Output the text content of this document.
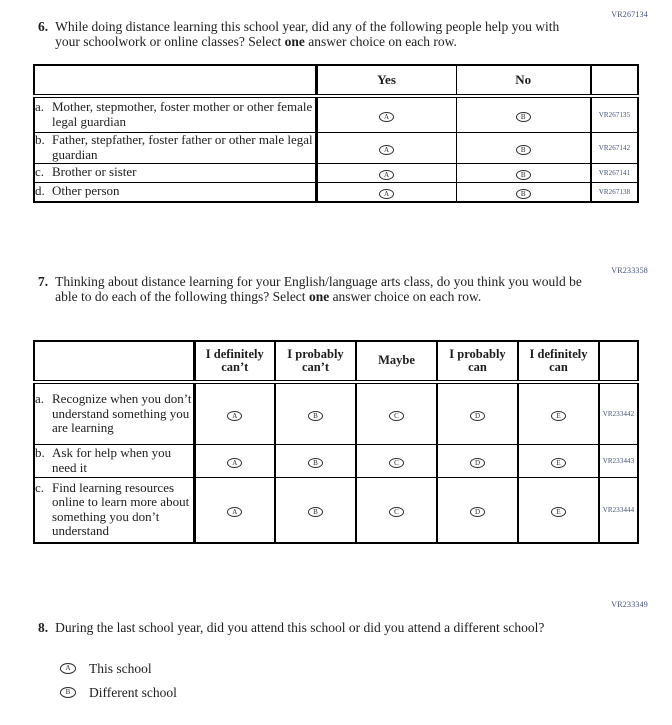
VR267134
VR233358
VR233349
6. While doing distance learning this school year, did any of the following people help you with your schoolwork or online classes? Select one answer choice on each row.
	Yes	No	

a. Mother, stepmother, foster mother or other female legal guardian	A	B	VR267135

b. Father, stepfather, foster father or other male legal guardian	A	B	VR267142

c. Brother or sister	A	B	VR267141

d. Other person	A	B	VR267138
7. Thinking about distance learning for your English/language arts class, do you think you would be able to do each of the following things? Select one answer choice on each row.
	I definitely can’t	I probably can’t	Maybe	I probably can	I definitely can	

a. Recognize when you don’t understand something you are learning	A	B	C	D	E	VR233442

b. Ask for help when you need it	A	B	C	D	E	VR233443

c. Find learning resources online to learn more about something you don’t understand	A	B	C	D	E	VR233444
8. During the last school year, did you attend this school or did you attend a different school?
A This school
B Different school
